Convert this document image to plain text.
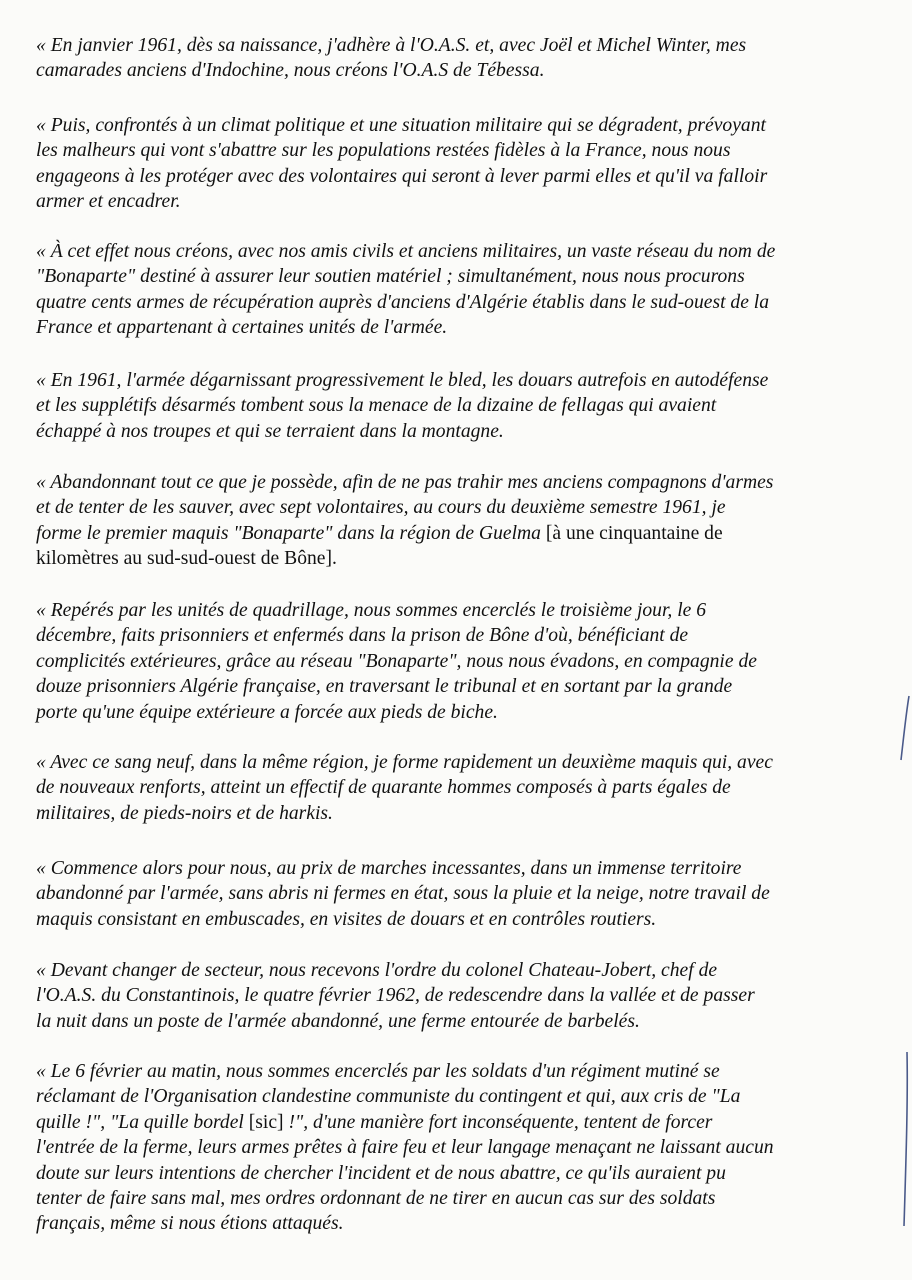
« En janvier 1961, dès sa naissance, j'adhère à l'O.A.S. et, avec Joël et Michel Winter, mes
camarades anciens d'Indochine, nous créons l'O.A.S de Tébessa.
« Puis, confrontés à un climat politique et une situation militaire qui se dégradent, prévoyant
les malheurs qui vont s'abattre sur les populations restées fidèles à la France, nous nous
engageons à les protéger avec des volontaires qui seront à lever parmi elles et qu'il va falloir
armer et encadrer.
« À cet effet nous créons, avec nos amis civils et anciens militaires, un vaste réseau du nom de
"Bonaparte" destiné à assurer leur soutien matériel ; simultanément, nous nous procurons
quatre cents armes de récupération auprès d'anciens d'Algérie établis dans le sud-ouest de la
France et appartenant à certaines unités de l'armée.
« En 1961, l'armée dégarnissant progressivement le bled, les douars autrefois en autodéfense
et les supplétifs désarmés tombent sous la menace de la dizaine de fellagas qui avaient
échappé à nos troupes et qui se terraient dans la montagne.
« Abandonnant tout ce que je possède, afin de ne pas trahir mes anciens compagnons d'armes
et de tenter de les sauver, avec sept volontaires, au cours du deuxième semestre 1961, je
forme le premier maquis "Bonaparte" dans la région de Guelma [à une cinquantaine de
kilomètres au sud-sud-ouest de Bône].
« Repérés par les unités de quadrillage, nous sommes encerclés le troisième jour, le 6
décembre, faits prisonniers et enfermés dans la prison de Bône d'où, bénéficiant de
complicités extérieures, grâce au réseau "Bonaparte", nous nous évadons, en compagnie de
douze prisonniers Algérie française, en traversant le tribunal et en sortant par la grande
porte qu'une équipe extérieure a forcée aux pieds de biche.
« Avec ce sang neuf, dans la même région, je forme rapidement un deuxième maquis qui, avec
de nouveaux renforts, atteint un effectif de quarante hommes composés à parts égales de
militaires, de pieds-noirs et de harkis.
« Commence alors pour nous, au prix de marches incessantes, dans un immense territoire
abandonné par l'armée, sans abris ni fermes en état, sous la pluie et la neige, notre travail de
maquis consistant en embuscades, en visites de douars et en contrôles routiers.
« Devant changer de secteur, nous recevons l'ordre du colonel Chateau-Jobert, chef de
l'O.A.S. du Constantinois, le quatre février 1962, de redescendre dans la vallée et de passer
la nuit dans un poste de l'armée abandonné, une ferme entourée de barbelés.
« Le 6 février au matin, nous sommes encerclés par les soldats d'un régiment mutiné se
réclamant de l'Organisation clandestine communiste du contingent et qui, aux cris de "La
quille !", "La quille bordel [sic] !", d'une manière fort inconséquente, tentent de forcer
l'entrée de la ferme, leurs armes prêtes à faire feu et leur langage menaçant ne laissant aucun
doute sur leurs intentions de chercher l'incident et de nous abattre, ce qu'ils auraient pu
tenter de faire sans mal, mes ordres ordonnant de ne tirer en aucun cas sur des soldats
français, même si nous étions attaqués.
